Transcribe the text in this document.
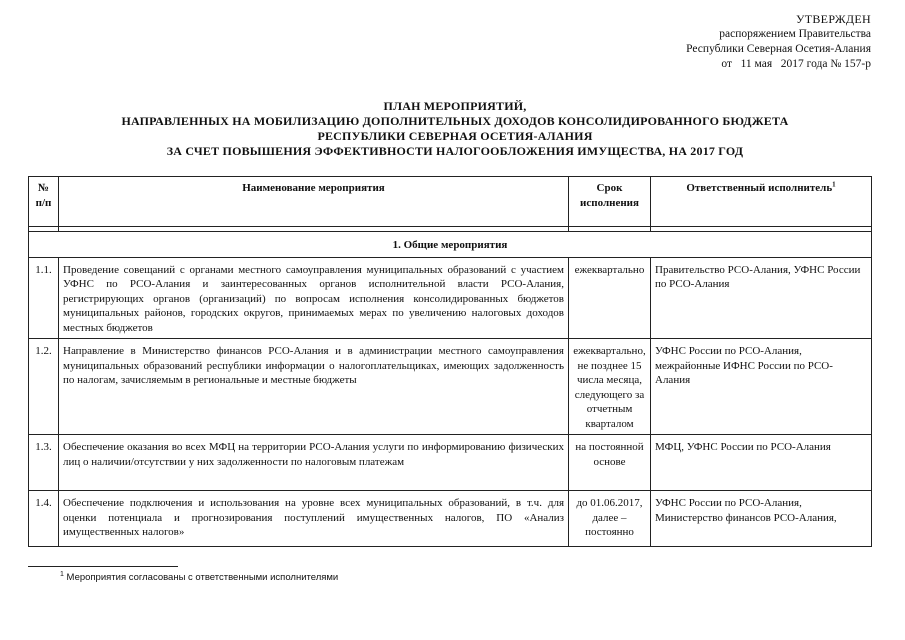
УТВЕРЖДЕН
распоряжением Правительства
Республики Северная Осетия-Алания
от   11 мая   2017 года № 157-р
ПЛАН МЕРОПРИЯТИЙ,
НАПРАВЛЕННЫХ НА МОБИЛИЗАЦИЮ ДОПОЛНИТЕЛЬНЫХ ДОХОДОВ КОНСОЛИДИРОВАННОГО БЮДЖЕТА
РЕСПУБЛИКИ СЕВЕРНАЯ ОСЕТИЯ-АЛАНИЯ
ЗА СЧЕТ ПОВЫШЕНИЯ ЭФФЕКТИВНОСТИ НАЛОГООБЛОЖЕНИЯ ИМУЩЕСТВА, НА 2017 ГОД
№ п/п	Наименование мероприятия	Срок исполнения	Ответственный исполнитель$^1$

1. Общие мероприятия			
1.1.	Проведение совещаний с органами местного самоуправления муниципальных образований с участием УФНС по РСО-Алания и заинтересованных органов исполнительной власти РСО-Алания, регистрирующих органов (организаций) по вопросам исполнения консолидированных бюджетов муниципальных районов, городских округов, принимаемых мерах по увеличению налоговых доходов местных бюджетов	ежеквартально	Правительство РСО-Алания, УФНС России по РСО-Алания
1.2.	Направление в Министерство финансов РСО-Алания и в администрации местного самоуправления муниципальных образований республики информации о налогоплательщиках, имеющих задолженность по налогам, зачисляемым в региональные и местные бюджеты	ежеквартально, не позднее 15 числа месяца, следующего за отчетным кварталом	УФНС России по РСО-Алания, межрайонные ИФНС России по РСО-Алания
1.3.	Обеспечение оказания во всех МФЦ на территории РСО-Алания услуги по информированию физических лиц о наличии/отсутствии у них задолженности по налоговым платежам	на постоянной основе	МФЦ, УФНС России по РСО-Алания
1.4.	Обеспечение подключения и использования на уровне всех муниципальных образований, в т.ч. для оценки потенциала и прогнозирования поступлений имущественных налогов, ПО «Анализ имущественных налогов»	до 01.06.2017, далее – постоянно	УФНС России по РСО-Алания, Министерство финансов РСО-Алания,
$^1$ Мероприятия согласованы с ответственными исполнителями
